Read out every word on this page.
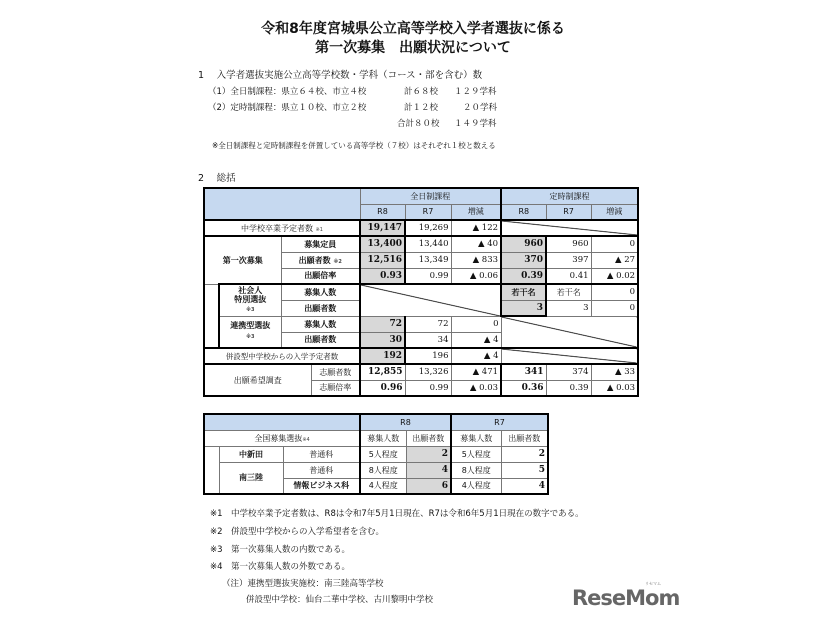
令和8年度宮城県公立高等学校入学者選抜に係る
第一次募集　出願状況について
1　 入学者選抜実施公立高等学校数・学科（コース・部を含む）数
（1）全日制課程：県立６４校、市立４校	計６８校 １２９学科
（2）定時制課程：県立１０校、市立２校	計１２校	２０学科
合計８０校 １４９学科
※全日制課程と定時制課程を併置している高等学校（７校）はそれぞれ１校と数える
2　 総括
				全日制課程			定時制課程		
				R8	R7	増減	R8	R7	増減
中学校卒業予定者数 ※1				19,147	19,269	▲ 122			
第一次募集		募集定員		13,400	13,440	▲ 40	960	960	0
		出願者数 ※2		12,516	13,349	▲ 833	370	397	▲ 27
		出願倍率		0.93	0.99	▲ 0.06	0.39	0.41	▲ 0.02
	社会人
特別選抜
※3	募集人数					若干名	若干名	0
		出願者数					3	3	0
	連携型選抜
※3	募集人数		72	72	0			
		出願者数		30	34	▲ 4			
併設型中学校からの入学予定者数				192	196	▲ 4			
出願希望調査			志願者数	12,855	13,326	▲ 471	341	374	▲ 33
			志願倍率	0.96	0.99	▲ 0.03	0.36	0.39	▲ 0.03
			R8		R7	
全国募集選抜※4			募集人数	出願者数	募集人数	出願者数
	中新田	普通科	5人程度	2	5人程度	2
	南三陸	普通科	8人程度	4	8人程度	5
		情報ビジネス科	4人程度	6	4人程度	4
※1　 中学校卒業予定者数は、R8は令和7年5月1日現在、R7は令和6年5月1日現在の数字である。
※2　 併設型中学校からの入学希望者を含む。
※3　 第一次募集人数の内数である。
※4　 第一次募集人数の外数である。
（注）連携型選抜実施校：南三陸高等学校
併設型中学校：仙台二華中学校、古川黎明中学校	ReseMom
リセマム
